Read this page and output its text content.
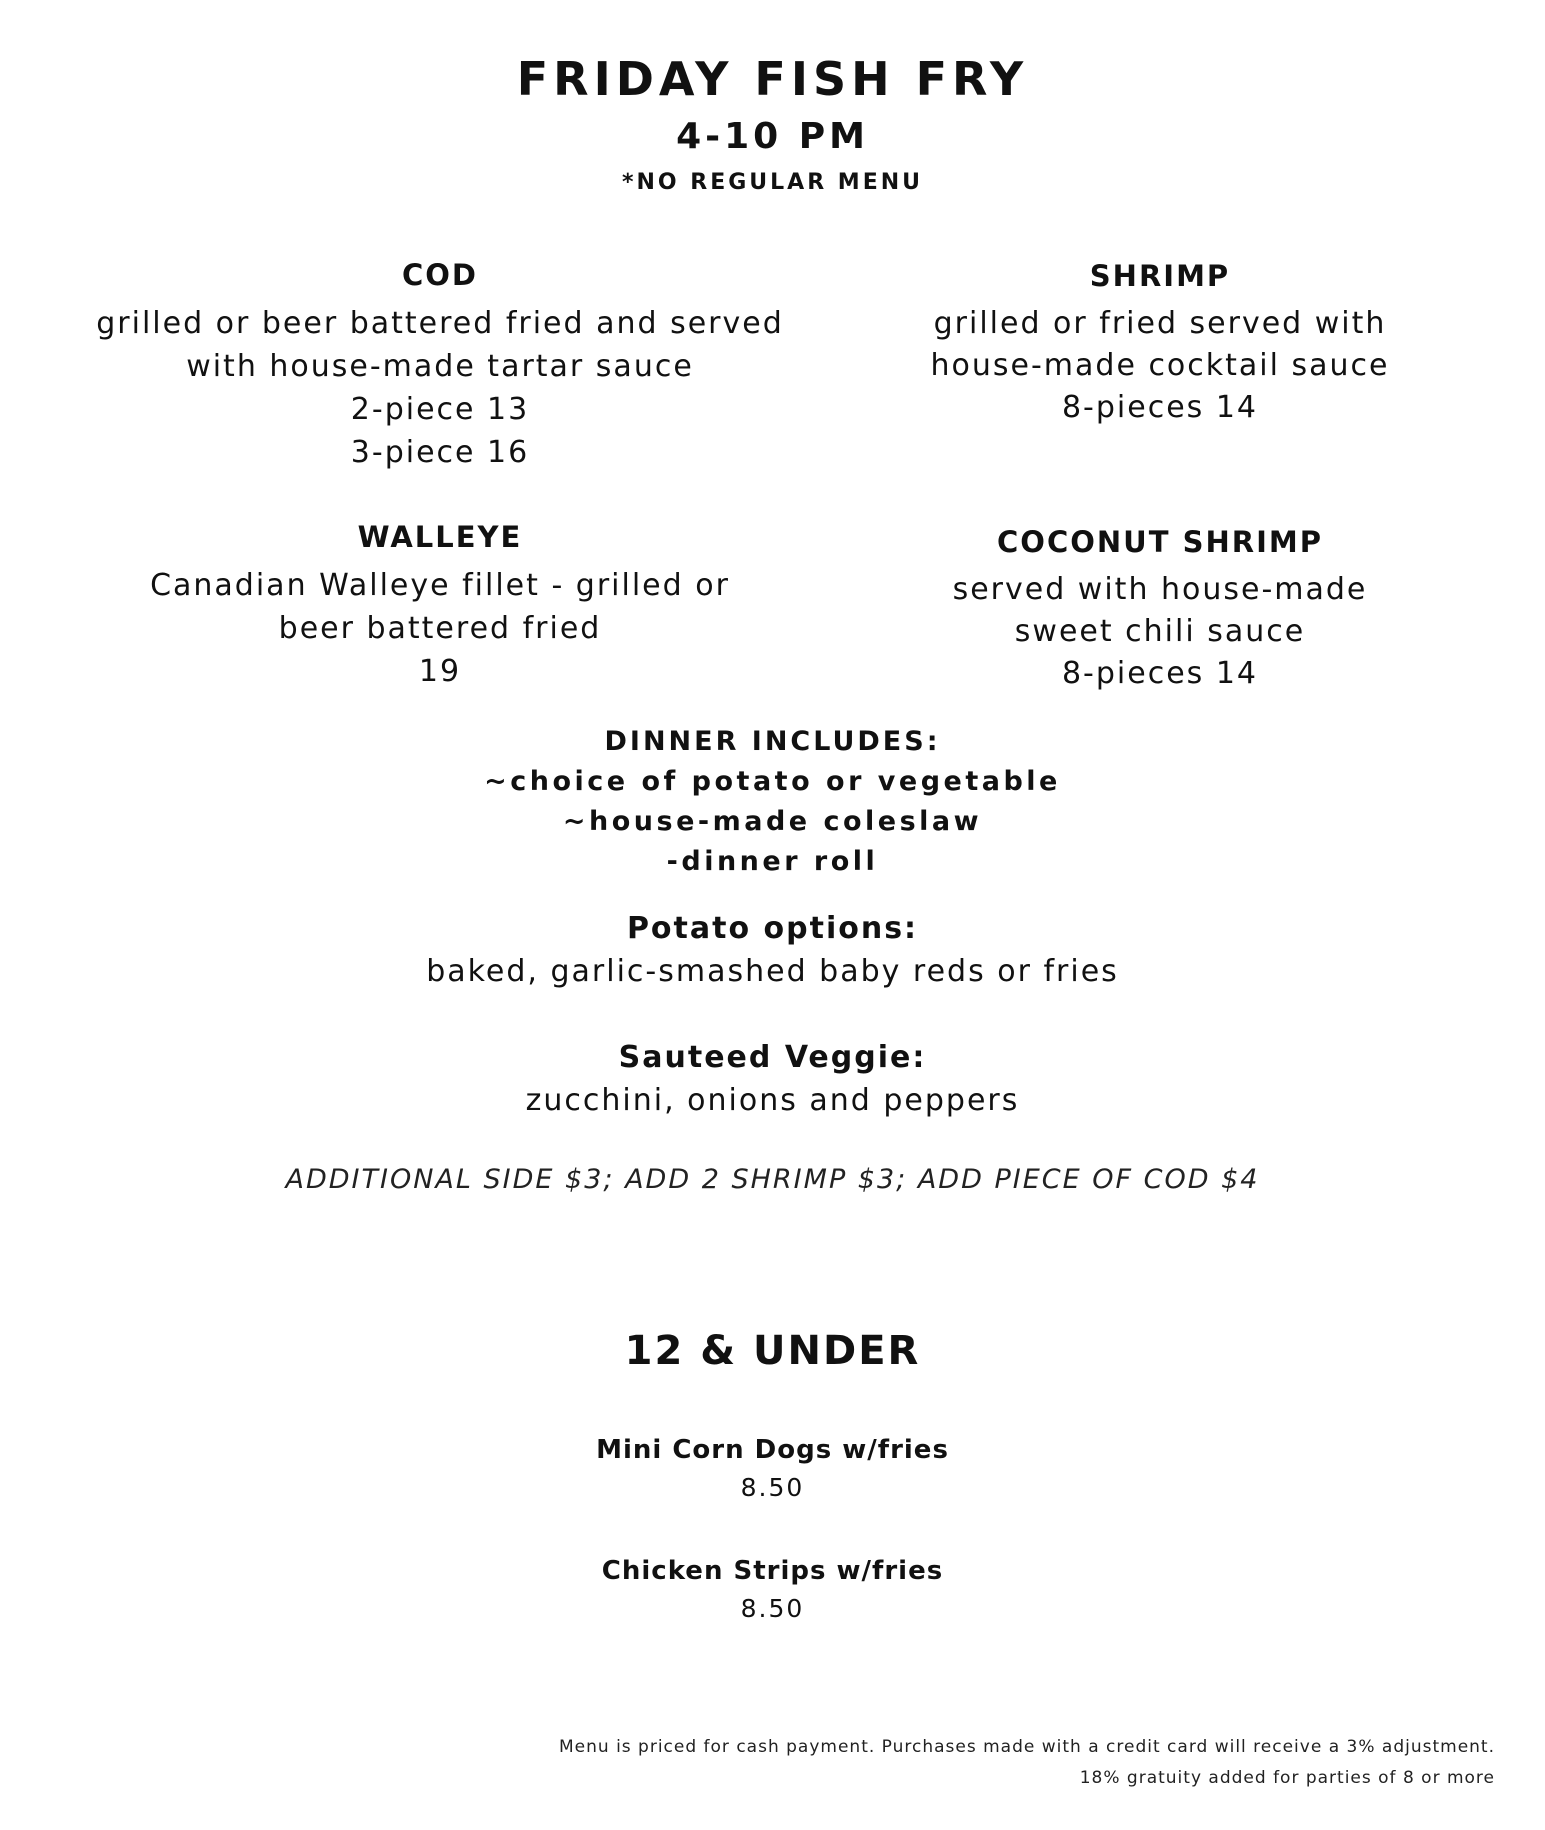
FRIDAY FISH FRY
4-10 PM
*NO REGULAR MENU
COD
grilled or beer battered fried and served
with house-made tartar sauce
2-piece 13
3-piece 16
SHRIMP
grilled or fried served with
house-made cocktail sauce
8-pieces 14
WALLEYE
Canadian Walleye fillet - grilled or
beer battered fried
19
COCONUT SHRIMP
served with house-made
sweet chili sauce
8-pieces 14
DINNER INCLUDES:
~choice of potato or vegetable
~house-made coleslaw
-dinner roll
Potato options:
baked, garlic-smashed baby reds or fries
Sauteed Veggie:
zucchini, onions and peppers
ADDITIONAL SIDE $3; ADD 2 SHRIMP $3; ADD PIECE OF COD $4
12 & UNDER
Mini Corn Dogs w/fries
8.50
Chicken Strips w/fries
8.50
Menu is priced for cash payment. Purchases made with a credit card will receive a 3% adjustment.
18% gratuity added for parties of 8 or more
